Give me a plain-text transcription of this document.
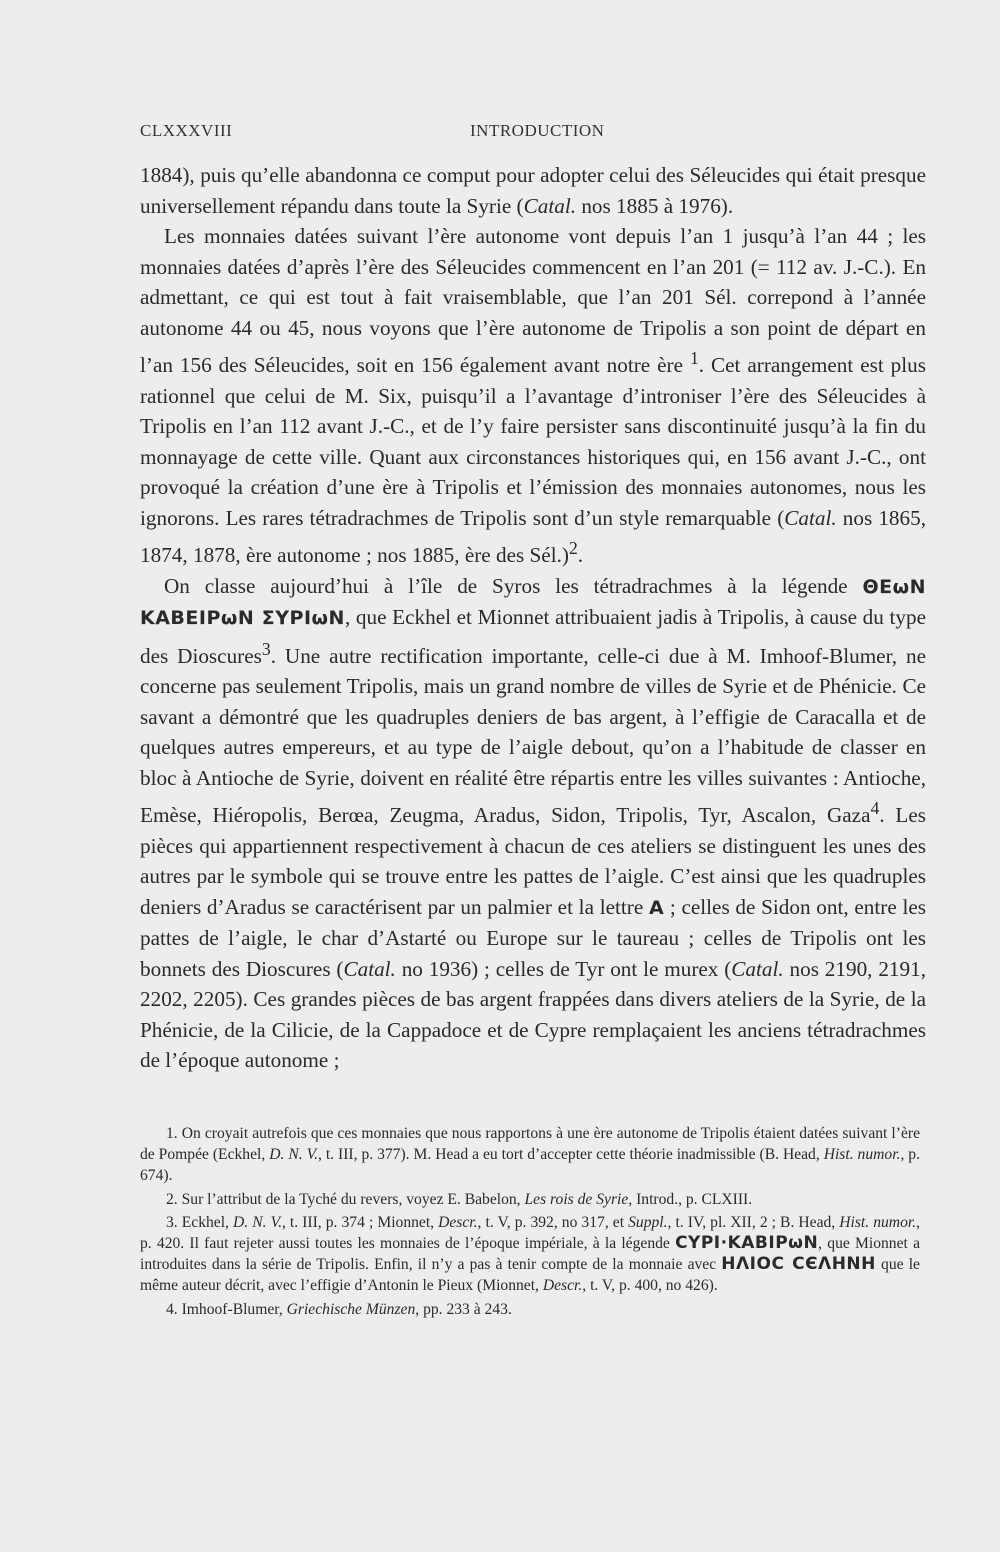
CLXXXVIII	INTRODUCTION

1884), puis qu’elle abandonna ce comput pour adopter celui des Séleucides qui était presque universellement répandu dans toute la Syrie (Catal. nos 1885 à 1976).

Les monnaies datées suivant l’ère autonome vont depuis l’an 1 jusqu’à l’an 44 ; les monnaies datées d’après l’ère des Séleucides commencent en l’an 201 (= 112 av. J.-C.). En admettant, ce qui est tout à fait vraisemblable, que l’an 201 Sél. correpond à l’année autonome 44 ou 45, nous voyons que l’ère autonome de Tripolis a son point de départ en l’an 156 des Séleucides, soit en 156 également avant notre ère $^1$. Cet arrangement est plus rationnel que celui de M. Six, puisqu’il a l’avantage d’introniser l’ère des Séleucides à Tripolis en l’an 112 avant J.-C., et de l’y faire persister sans discontinuité jusqu’à la fin du monnayage de cette ville. Quant aux circonstances historiques qui, en 156 avant J.-C., ont provoqué la création d’une ère à Tripolis et l’émission des monnaies autonomes, nous les ignorons. Les rares tétradrachmes de Tripolis sont d’un style remarquable (Catal. nos 1865, 1874, 1878, ère autonome ; nos 1885, ère des Sél.)$^2$.

On classe aujourd’hui à l’île de Syros les tétradrachmes à la légende ΘΕωΝ ΚΑΒΕΙΡωΝ ΣΥΡΙωΝ, que Eckhel et Mionnet attribuaient jadis à Tripolis, à cause du type des Dioscures$^3$. Une autre rectification importante, celle-ci due à M. Imhoof-Blumer, ne concerne pas seulement Tripolis, mais un grand nombre de villes de Syrie et de Phénicie. Ce savant a démontré que les quadruples deniers de bas argent, à l’effigie de Caracalla et de quelques autres empereurs, et au type de l’aigle debout, qu’on a l’habitude de classer en bloc à Antioche de Syrie, doivent en réalité être répartis entre les villes suivantes : Antioche, Emèse, Hiéropolis, Berœa, Zeugma, Aradus, Sidon, Tripolis, Tyr, Ascalon, Gaza$^4$. Les pièces qui appartiennent respectivement à chacun de ces ateliers se distinguent les unes des autres par le symbole qui se trouve entre les pattes de l’aigle. C’est ainsi que les quadruples deniers d’Aradus se caractérisent par un palmier et la lettre A ; celles de Sidon ont, entre les pattes de l’aigle, le char d’Astarté ou Europe sur le taureau ; celles de Tripolis ont les bonnets des Dioscures (Catal. no 1936) ; celles de Tyr ont le murex (Catal. nos 2190, 2191, 2202, 2205). Ces grandes pièces de bas argent frappées dans divers ateliers de la Syrie, de la Phénicie, de la Cilicie, de la Cappadoce et de Cypre remplaçaient les anciens tétradrachmes de l’époque autonome ;

1. On croyait autrefois que ces monnaies que nous rapportons à une ère autonome de Tripolis étaient datées suivant l’ère de Pompée (Eckhel, D. N. V., t. III, p. 377). M. Head a eu tort d’accepter cette théorie inadmissible (B. Head, Hist. numor., p. 674).

2. Sur l’attribut de la Tyché du revers, voyez E. Babelon, Les rois de Syrie, Introd., p. CLXIII.

3. Eckhel, D. N. V., t. III, p. 374 ; Mionnet, Descr., t. V, p. 392, no 317, et Suppl., t. IV, pl. XII, 2 ; B. Head, Hist. numor., p. 420. Il faut rejeter aussi toutes les monnaies de l’époque impériale, à la légende CYPI·KABIPωN, que Mionnet a introduites dans la série de Tripolis. Enfin, il n’y a pas à tenir compte de la monnaie avec HΛIOC CЄΛHNH que le même auteur décrit, avec l’effigie d’Antonin le Pieux (Mionnet, Descr., t. V, p. 400, no 426).

4. Imhoof-Blumer, Griechische Münzen, pp. 233 à 243.
